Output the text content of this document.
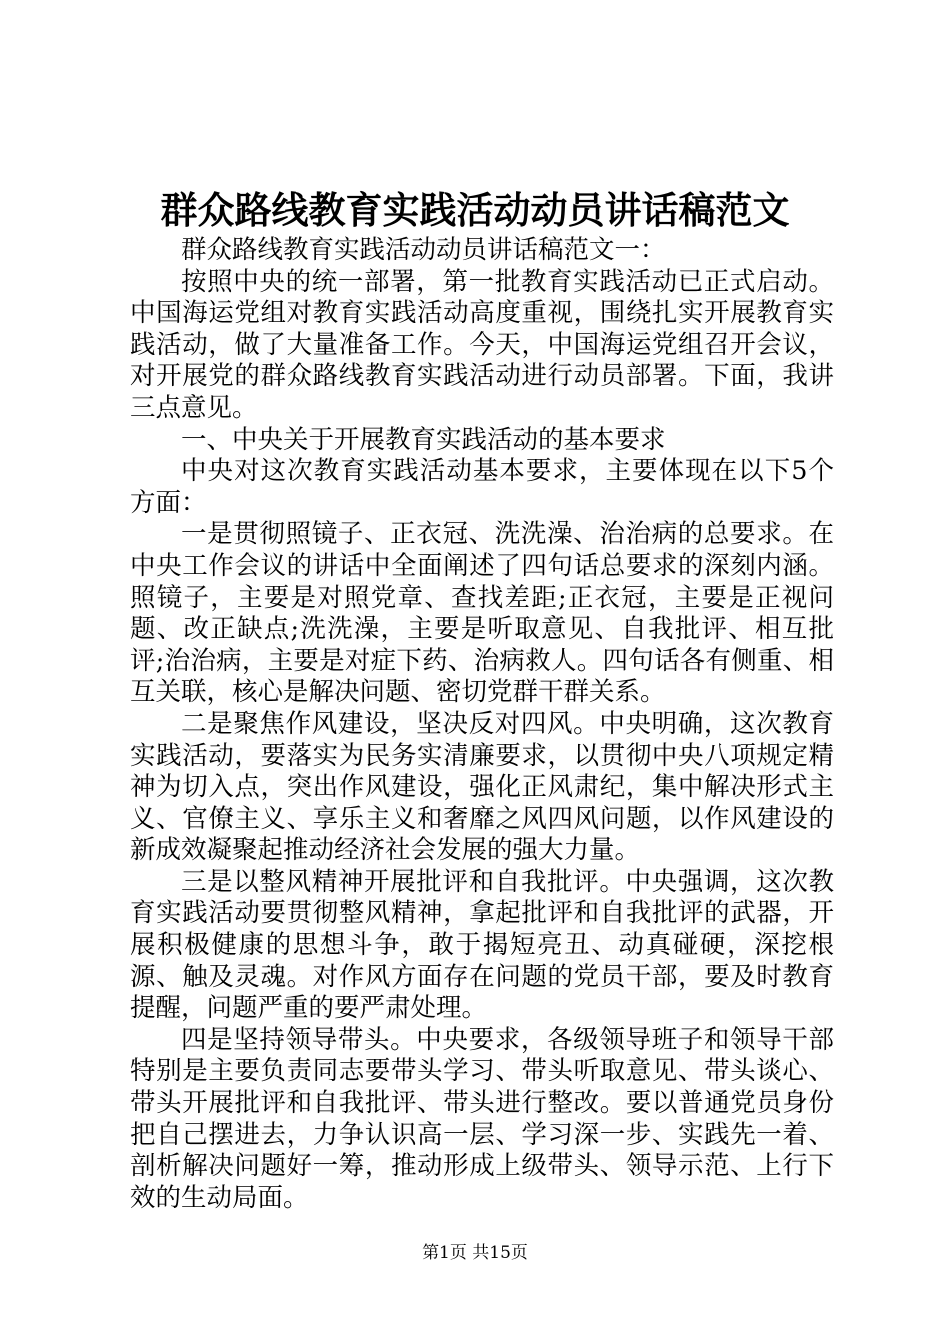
群众路线教育实践活动动员讲话稿范文

群众路线教育实践活动动员讲话稿范文一：

按照中央的统一部署，第一批教育实践活动已正式启动。中国海运党组对教育实践活动高度重视，围绕扎实开展教育实践活动，做了大量准备工作。今天，中国海运党组召开会议，对开展党的群众路线教育实践活动进行动员部署。下面，我讲三点意见。

一、中央关于开展教育实践活动的基本要求

中央对这次教育实践活动基本要求，主要体现在以下5个方面：

一是贯彻照镜子、正衣冠、洗洗澡、治治病的总要求。在中央工作会议的讲话中全面阐述了四句话总要求的深刻内涵。照镜子，主要是对照党章、查找差距;正衣冠，主要是正视问题、改正缺点;洗洗澡，主要是听取意见、自我批评、相互批评;治治病，主要是对症下药、治病救人。四句话各有侧重、相互关联，核心是解决问题、密切党群干群关系。

二是聚焦作风建设，坚决反对四风。中央明确，这次教育实践活动，要落实为民务实清廉要求，以贯彻中央八项规定精神为切入点，突出作风建设，强化正风肃纪，集中解决形式主义、官僚主义、享乐主义和奢靡之风四风问题，以作风建设的新成效凝聚起推动经济社会发展的强大力量。

三是以整风精神开展批评和自我批评。中央强调，这次教育实践活动要贯彻整风精神，拿起批评和自我批评的武器，开展积极健康的思想斗争，敢于揭短亮丑、动真碰硬，深挖根源、触及灵魂。对作风方面存在问题的党员干部，要及时教育提醒，问题严重的要严肃处理。

四是坚持领导带头。中央要求，各级领导班子和领导干部特别是主要负责同志要带头学习、带头听取意见、带头谈心、带头开展批评和自我批评、带头进行整改。要以普通党员身份把自己摆进去，力争认识高一层、学习深一步、实践先一着、剖析解决问题好一筹，推动形成上级带头、领导示范、上行下效的生动局面。

第1页 共15页
